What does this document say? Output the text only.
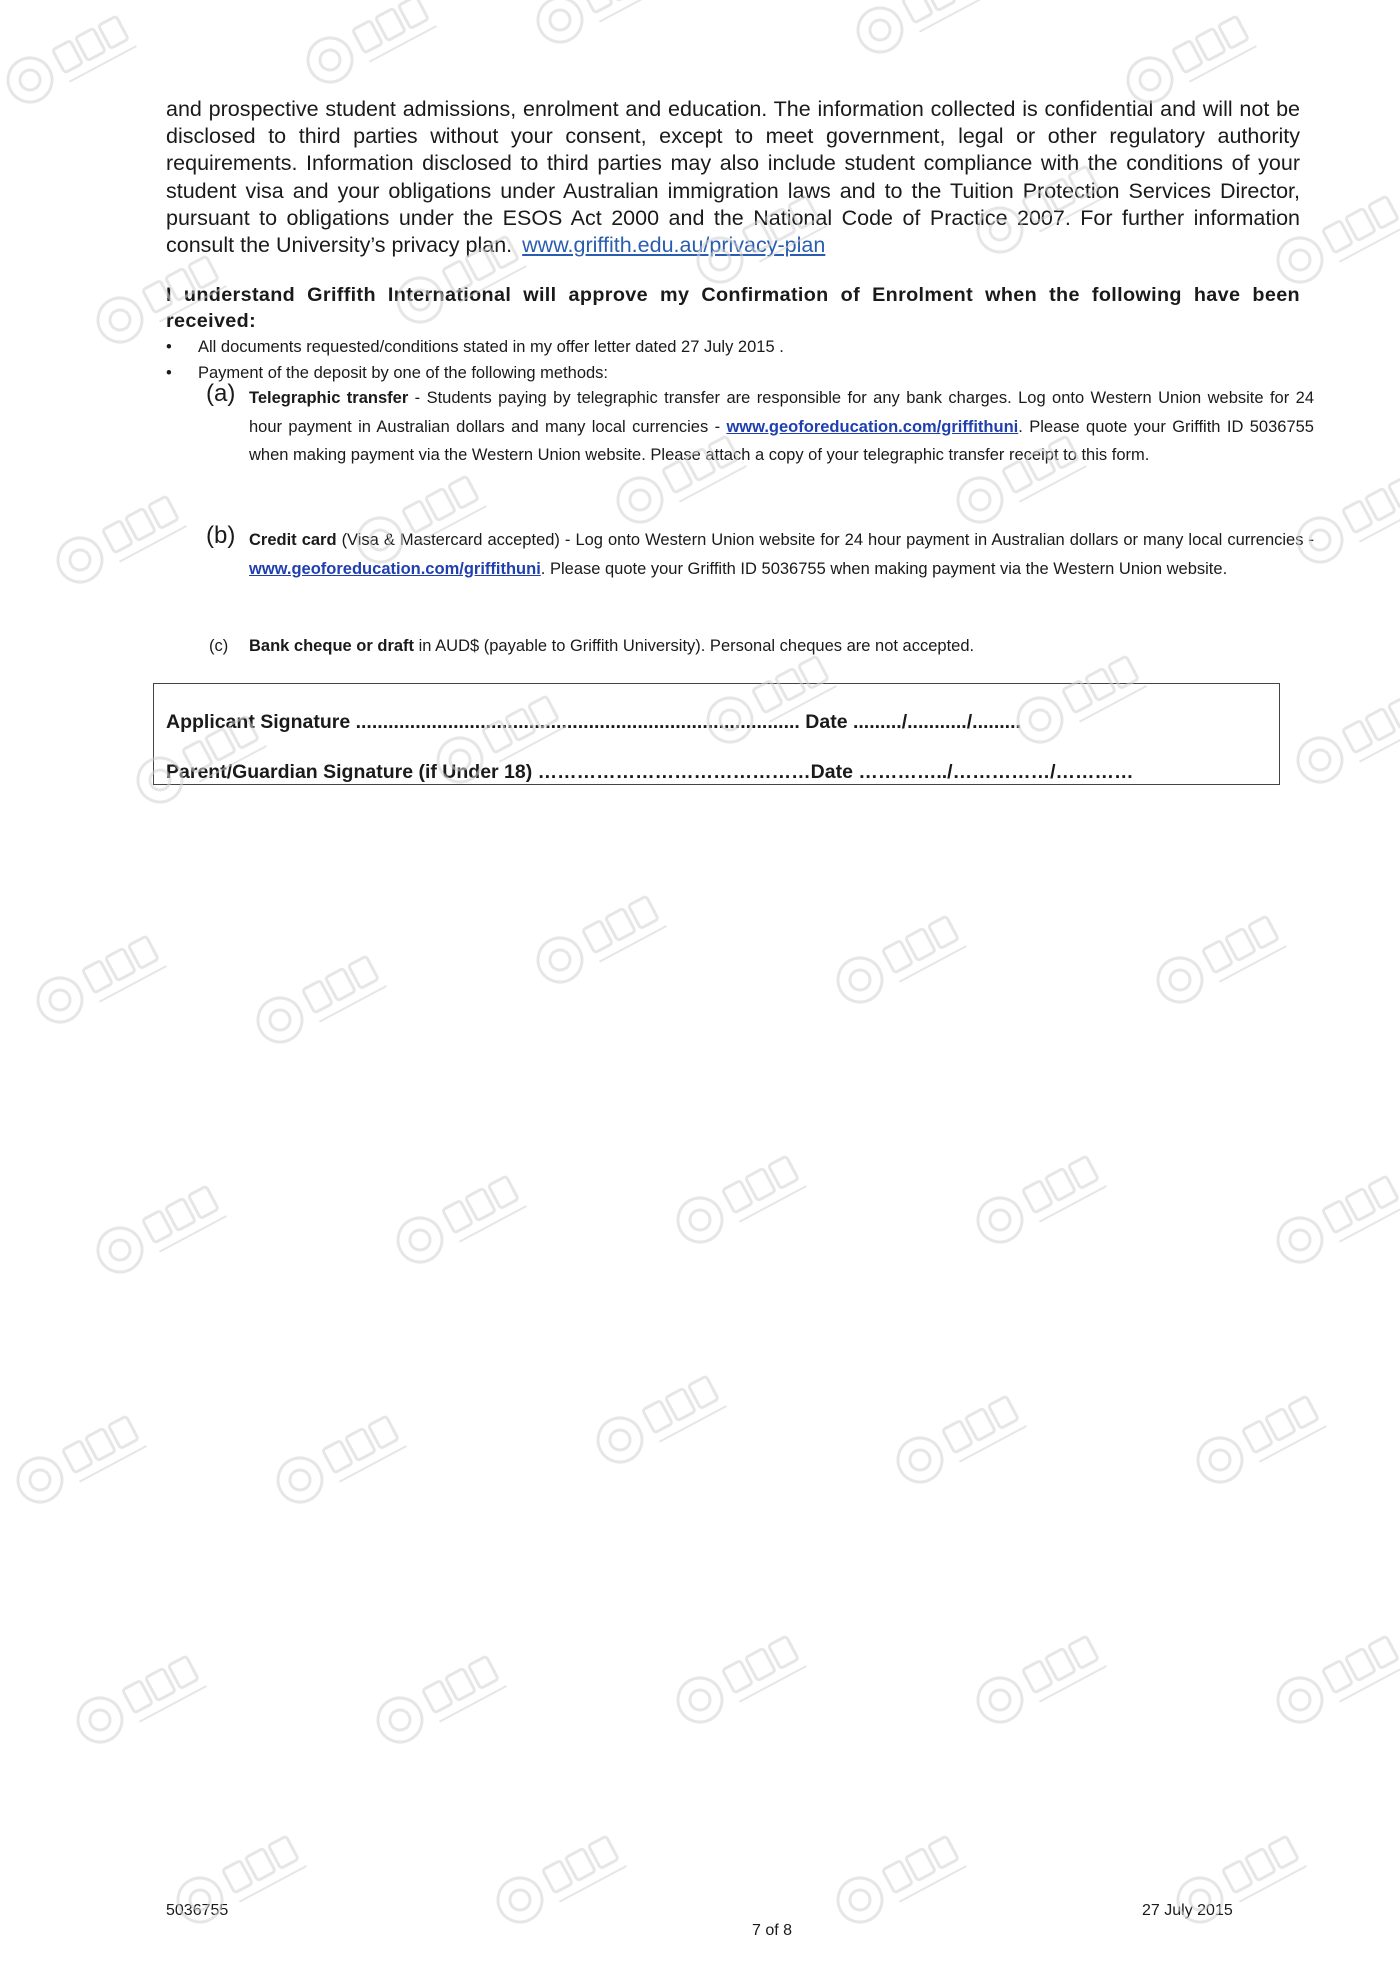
and prospective student admissions, enrolment and education. The information collected is confidential and will not be disclosed to third parties without your consent, except to meet government, legal or other regulatory authority requirements. Information disclosed to third parties may also include student compliance with the conditions of your student visa and your obligations under Australian immigration laws and to the Tuition Protection Services Director, pursuant to obligations under the ESOS Act 2000 and the National Code of Practice 2007. For further information consult the University’s privacy plan. www.griffith.edu.au/privacy-plan

I understand Griffith International will approve my Confirmation of Enrolment when the following have been received:

• All documents requested/conditions stated in my offer letter dated 27 July 2015 .
• Payment of the deposit by one of the following methods:
(a) Telegraphic transfer - Students paying by telegraphic transfer are responsible for any bank charges. Log onto Western Union website for 24 hour payment in Australian dollars and many local currencies - www.geoforeducation.com/griffithuni. Please quote your Griffith ID 5036755 when making payment via the Western Union website. Please attach a copy of your telegraphic transfer receipt to this form.
(b) Credit card (Visa & Mastercard accepted) - Log onto Western Union website for 24 hour payment in Australian dollars or many local currencies - www.geoforeducation.com/griffithuni. Please quote your Griffith ID 5036755 when making payment via the Western Union website.
(c) Bank cheque or draft in AUD$ (payable to Griffith University). Personal cheques are not accepted.
Applicant Signature .................................................................................. Date ........./.........../.........
Parent/Guardian Signature (if Under 18) ……………………………………Date …………../……………/…………
5036755
7 of 8
27 July 2015
